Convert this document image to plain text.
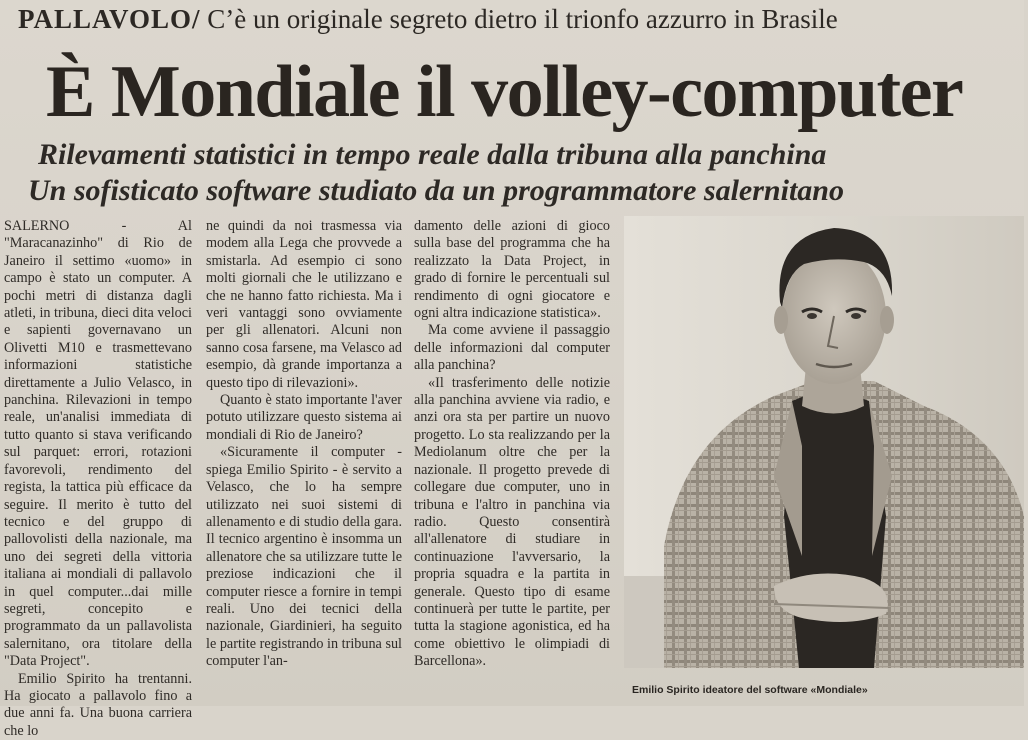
PALLAVOLO/ C’è un originale segreto dietro il trionfo azzurro in Brasile
È Mondiale il volley-computer
Rilevamenti statistici in tempo reale dalla tribuna alla panchina
Un sofisticato software studiato da un programmatore salernitano

SALERNO - Al "Maracanazinho" di Rio de Janeiro il settimo «uomo» in campo è stato un computer. A pochi metri di distanza dagli atleti, in tribuna, dieci dita veloci e sapienti governavano un Olivetti M10 e trasmettevano informazioni statistiche direttamente a Julio Velasco, in panchina. Rilevazioni in tempo reale, un'analisi immediata di tutto quanto si stava verificando sul parquet: errori, rotazioni favorevoli, rendimento del regista, la tattica più efficace da seguire. Il merito è tutto del tecnico e del gruppo di pallovolisti della nazionale, ma uno dei segreti della vittoria italiana ai mondiali di pallavolo in quel computer...dai mille segreti, concepito e programmato da un pallavolista salernitano, ora titolare della "Data Project".

Emilio Spirito ha trentanni. Ha giocato a pallavolo fino a due anni fa. Una buona carriera che lo

ne quindi da noi trasmessa via modem alla Lega che provvede a smistarla. Ad esempio ci sono molti giornali che le utilizzano e che ne hanno fatto richiesta. Ma i veri vantaggi sono ovviamente per gli allenatori. Alcuni non sanno cosa farsene, ma Velasco ad esempio, dà grande importanza a questo tipo di rilevazioni».

Quanto è stato importante l'aver potuto utilizzare questo sistema ai mondiali di Rio de Janeiro?

«Sicuramente il computer - spiega Emilio Spirito - è servito a Velasco, che lo ha sempre utilizzato nei suoi sistemi di allenamento e di studio della gara. Il tecnico argentino è insomma un allenatore che sa utilizzare tutte le preziose indicazioni che il computer riesce a fornire in tempi reali. Uno dei tecnici della nazionale, Giardinieri, ha seguito le partite registrando in tribuna sul computer l'an-

damento delle azioni di gioco sulla base del programma che ha realizzato la Data Project, in grado di fornire le percentuali sul rendimento di ogni giocatore e ogni altra indicazione statistica».

Ma come avviene il passaggio delle informazioni dal computer alla panchina?

«Il trasferimento delle notizie alla panchina avviene via radio, e anzi ora sta per partire un nuovo progetto. Lo sta realizzando per la Mediolanum oltre che per la nazionale. Il progetto prevede di collegare due computer, uno in tribuna e l'altro in panchina via radio. Questo consentirà all'allenatore di studiare in continuazione l'avversario, la propria squadra e la partita in generale. Questo tipo di esame continuerà per tutte le partite, per tutta la stagione agonistica, ed ha come obiettivo le olimpiadi di Barcellona».

Emilio Spirito ideatore del software «Mondiale»
